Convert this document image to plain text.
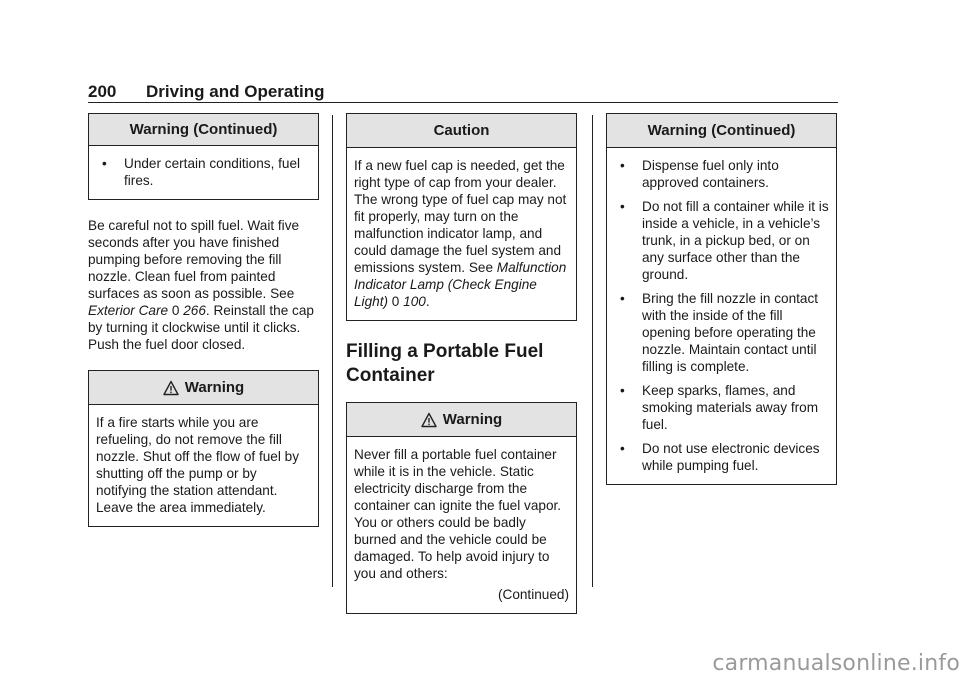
200 Driving and Operating
Warning (Continued)
•	Under certain conditions, fuel fires.
Be careful not to spill fuel. Wait five seconds after you have finished pumping before removing the fill nozzle. Clean fuel from painted surfaces as soon as possible. See Exterior Care 0 266. Reinstall the cap by turning it clockwise until it clicks. Push the fuel door closed.
Warning
If a fire starts while you are refueling, do not remove the fill nozzle. Shut off the flow of fuel by shutting off the pump or by notifying the station attendant. Leave the area immediately.
Caution
If a new fuel cap is needed, get the right type of cap from your dealer. The wrong type of fuel cap may not fit properly, may turn on the malfunction indicator lamp, and could damage the fuel system and emissions system. See Malfunction Indicator Lamp (Check Engine Light) 0 100.
Filling a Portable Fuel Container
Warning
Never fill a portable fuel container while it is in the vehicle. Static electricity discharge from the container can ignite the fuel vapor. You or others could be badly burned and the vehicle could be damaged. To help avoid injury to you and others:
(Continued)
Warning (Continued)
•	Dispense fuel only into approved containers.
•	Do not fill a container while it is inside a vehicle, in a vehicle’s trunk, in a pickup bed, or on any surface other than the ground.
•	Bring the fill nozzle in contact with the inside of the fill opening before operating the nozzle. Maintain contact until filling is complete.
•	Keep sparks, flames, and smoking materials away from fuel.
•	Do not use electronic devices while pumping fuel.
carmanualsonline.info
